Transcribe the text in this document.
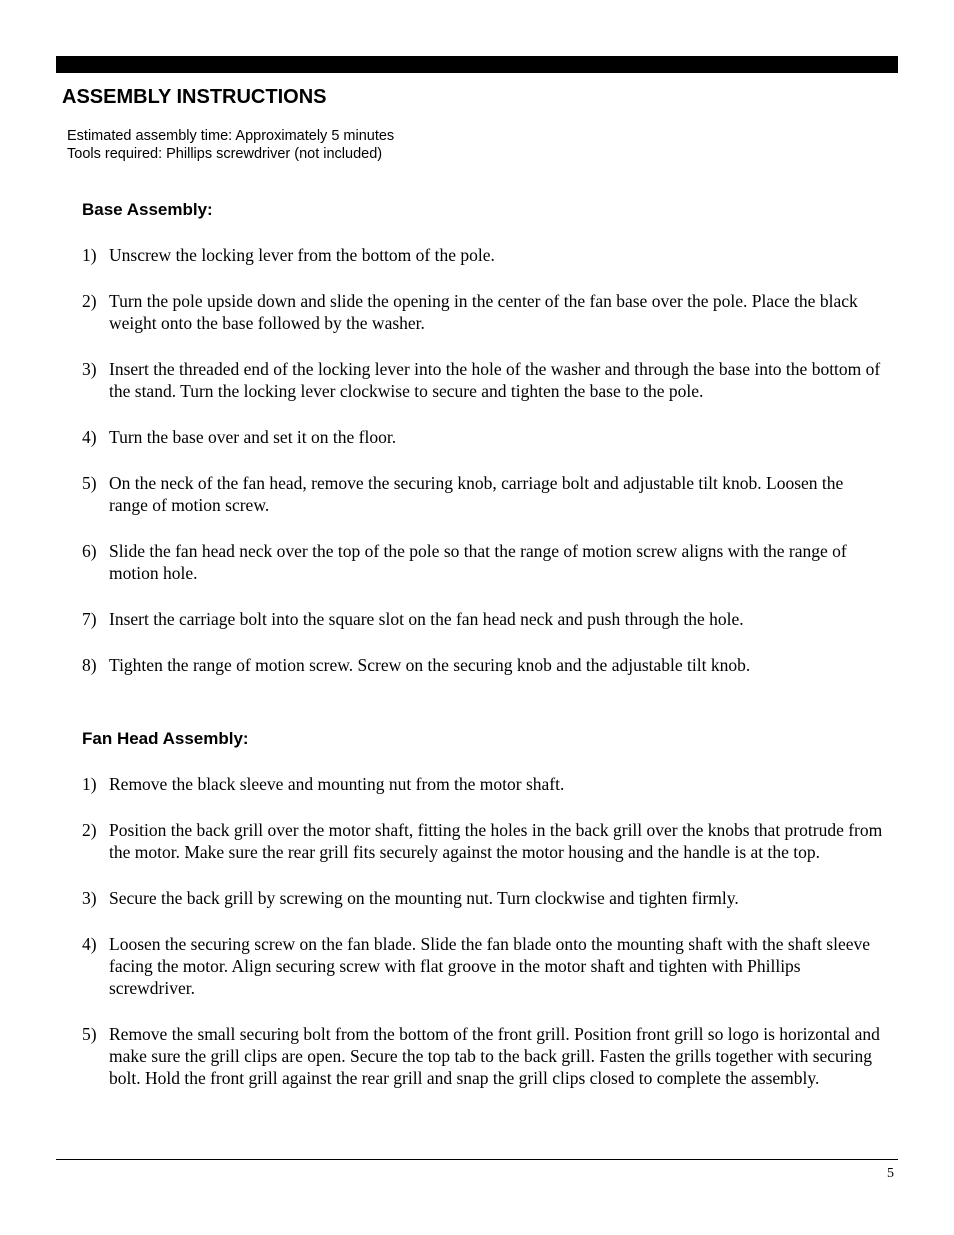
ASSEMBLY INSTRUCTIONS
Estimated assembly time: Approximately 5 minutes
Tools required: Phillips screwdriver (not included)
Base Assembly:
1) Unscrew the locking lever from the bottom of the pole.

2) Turn the pole upside down and slide the opening in the center of the fan base over the pole. Place the black weight onto the base followed by the washer.

3) Insert the threaded end of the locking lever into the hole of the washer and through the base into the bottom of the stand. Turn the locking lever clockwise to secure and tighten the base to the pole.

4) Turn the base over and set it on the floor.

5) On the neck of the fan head, remove the securing knob, carriage bolt and adjustable tilt knob. Loosen the range of motion screw.

6) Slide the fan head neck over the top of the pole so that the range of motion screw aligns with the range of motion hole.

7) Insert the carriage bolt into the square slot on the fan head neck and push through the hole.

8) Tighten the range of motion screw. Screw on the securing knob and the adjustable tilt knob.

Fan Head Assembly:
1) Remove the black sleeve and mounting nut from the motor shaft.

2) Position the back grill over the motor shaft, fitting the holes in the back grill over the knobs that protrude from the motor. Make sure the rear grill fits securely against the motor housing and the handle is at the top.

3) Secure the back grill by screwing on the mounting nut. Turn clockwise and tighten firmly.

4) Loosen the securing screw on the fan blade. Slide the fan blade onto the mounting shaft with the shaft sleeve facing the motor. Align securing screw with flat groove in the motor shaft and tighten with Phillips screwdriver.

5) Remove the small securing bolt from the bottom of the front grill. Position front grill so logo is horizontal and make sure the grill clips are open. Secure the top tab to the back grill. Fasten the grills together with securing bolt. Hold the front grill against the rear grill and snap the grill clips closed to complete the assembly.

5
